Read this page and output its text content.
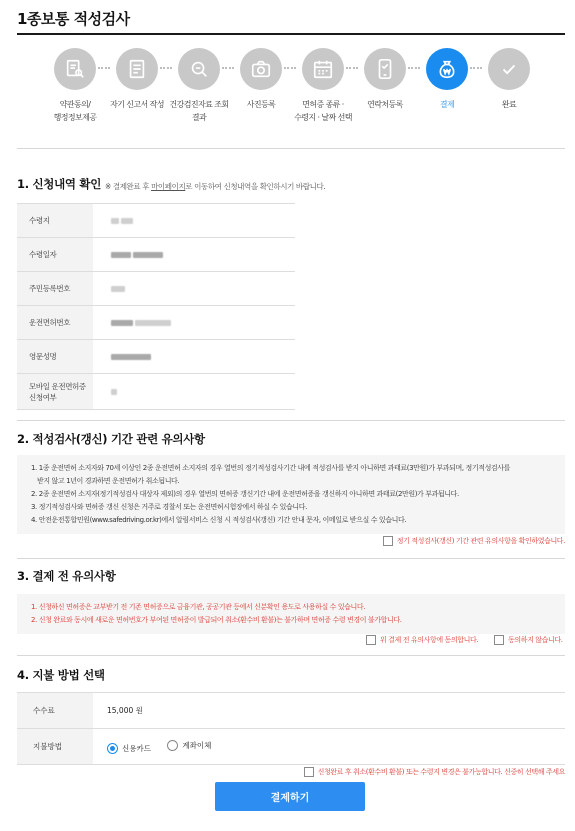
1종보통 적성검사
약관동의/
행정정보제공
자기 신고서 작성 건강검진자료 조회
결과
사진등록	면허증 종류 ·
수령지 · 날짜 선택
연락처등록	결제	완료
1. 신청내역 확인 ※ 결제완료 후 마이페이지로 이동하여 신청내역을 확인하시기 바랍니다.
수령지	
수령일자	
주민등록번호	
운전면허번호	
영문성명	
모바일 운전면허증 신청여부	
2. 적성검사(갱신) 기간 관련 유의사항

1. 1종 운전면허 소지자와 70세 이상인 2종 운전면허 소지자의 경우 열번의 정기적성검사기간 내에 적성검사를 받지 아니하면 과태료(3만원)가 부과되며, 정기적성검사를

받지 않고 1년이 경과하면 운전면허가 취소됩니다.

2. 2종 운전면허 소지자(정기적성검사 대상자 제외)의 경우 열번의 면허증 갱신기간 내에 운전면허증을 갱신하지 아니하면 과태료(2만원)가 부과됩니다.

3. 정기적성검사와 면허증 갱신 신청은 거주로 경찰서 또는 운전면허시험장에서 하실 수 있습니다.

4. 안전운전통합민원(www.safedriving.or.kr)에서 알림서비스 신청 시 적성검사(갱신) 기간 안내 문자, 이메일로 받으실 수 있습니다.

정기 적성검사(갱신) 기간 관련 유의사항을 확인하였습니다.
3. 결제 전 유의사항

1. 신청하신 면허증은 교부받기 전 기존 면허증으로 금융기관, 공공기관 등에서 신분확인 용도로 사용하실 수 있습니다.

2. 신청 완료와 동시에 새로운 면허번호가 부여된 면허증이 발급되어 취소(환수비 환불)는 불가하며 면허증 수령 변경이 불가합니다.

위 결제 전 유의사항에 동의합니다.	동의하지 않습니다.
4. 지불 방법 선택
수수료	15,000 원
지불방법	신용카드
계좌이체
신청완료 후 취소(환수비 환불) 또는 수령지 변경은 불가능합니다. 신중히 선택해 주세요
결제하기
